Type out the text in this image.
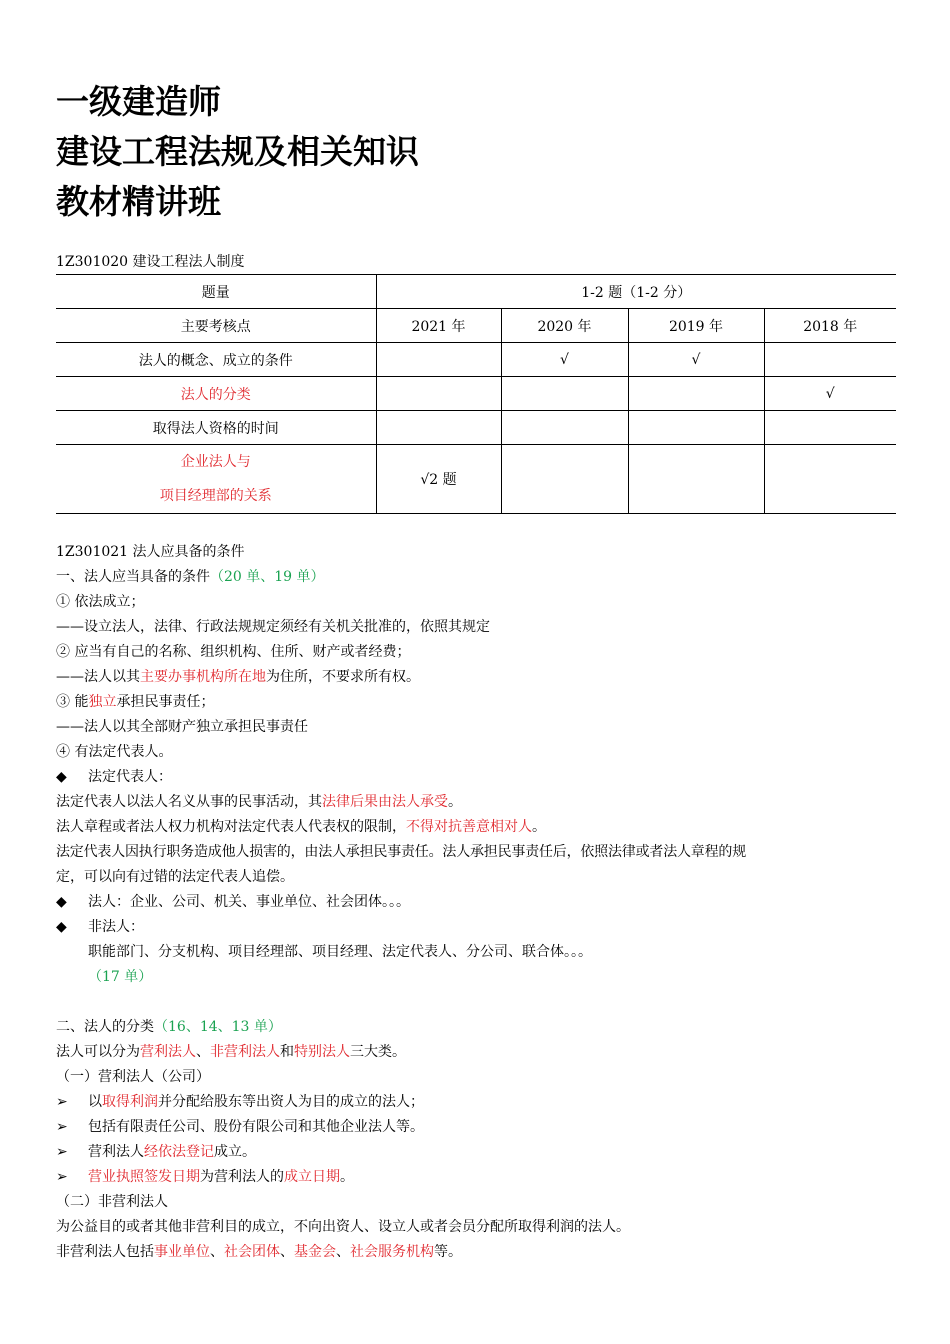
一级建造师
建设工程法规及相关知识
教材精讲班
1Z301020 建设工程法人制度
题量	1-2 题（1-2 分）			
主要考核点	2021 年	2020 年	2019 年	2018 年
法人的概念、成立的条件		√	√	
法人的分类				√
取得法人资格的时间				

企业法人与
项目经理部的关系	√2 题			
1Z301021 法人应具备的条件
一、法人应当具备的条件（20 单、19 单）
① 依法成立；
——设立法人，法律、行政法规规定须经有关机关批准的，依照其规定
② 应当有自己的名称、组织机构、住所、财产或者经费；
——法人以其主要办事机构所在地为住所，不要求所有权。
③ 能独立承担民事责任；
——法人以其全部财产独立承担民事责任
④ 有法定代表人。
◆ 法定代表人：
法定代表人以法人名义从事的民事活动，其法律后果由法人承受。
法人章程或者法人权力机构对法定代表人代表权的限制，不得对抗善意相对人。
法定代表人因执行职务造成他人损害的，由法人承担民事责任。法人承担民事责任后，依照法律或者法人章程的规
定，可以向有过错的法定代表人追偿。
◆ 法人：企业、公司、机关、事业单位、社会团体。。。
◆ 非法人：
职能部门、分支机构、项目经理部、项目经理、法定代表人、分公司、联合体。。。
（17 单）
二、法人的分类（16、14、13 单）
法人可以分为营利法人、非营利法人和特别法人三大类。
（一）营利法人（公司）
➢ 以取得利润并分配给股东等出资人为目的成立的法人；
➢ 包括有限责任公司、股份有限公司和其他企业法人等。
➢ 营利法人经依法登记成立。
➢ 营业执照签发日期为营利法人的成立日期。
（二）非营利法人
为公益目的或者其他非营利目的成立，不向出资人、设立人或者会员分配所取得利润的法人。
非营利法人包括事业单位、社会团体、基金会、社会服务机构等。
